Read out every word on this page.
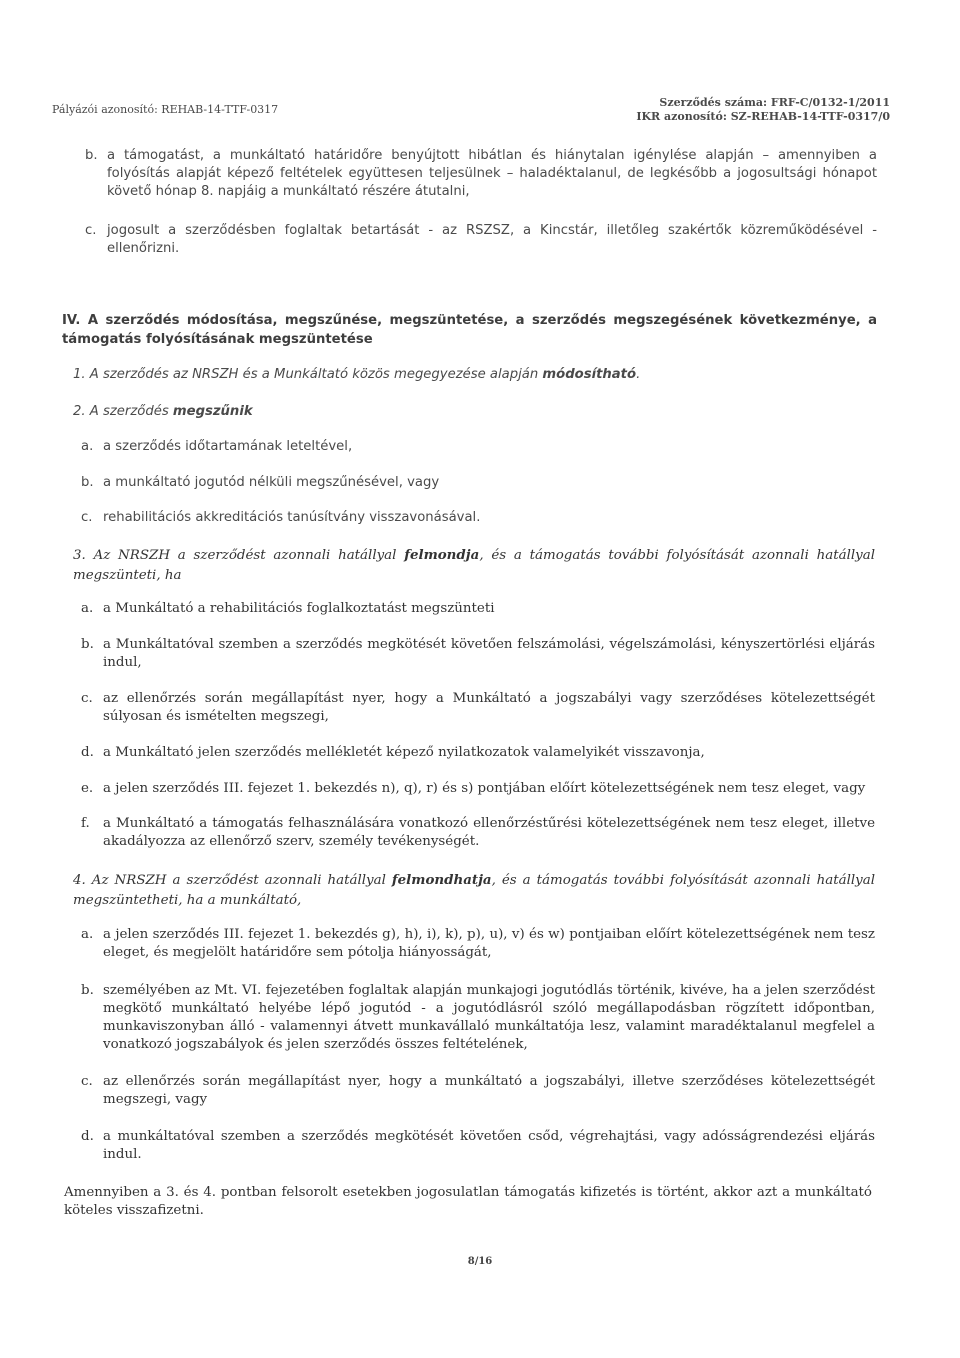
Pályázói azonosító: REHAB-14-TTF-0317
Szerződés száma: FRF-C/0132-1/2011
IKR azonosító: SZ-REHAB-14-TTF-0317/0
b. a támogatást, a munkáltató határidőre benyújtott hibátlan és hiánytalan igénylése alapján – amennyiben a folyósítás alapját képező feltételek együttesen teljesülnek – haladéktalanul, de legkésőbb a jogosultsági hónapot követő hónap 8. napjáig a munkáltató részére átutalni,
c. jogosult a szerződésben foglaltak betartását - az RSZSZ, a Kincstár, illetőleg szakértők közreműködésével - ellenőrizni.
IV. A szerződés módosítása, megszűnése, megszüntetése, a szerződés megszegésének következménye, a támogatás folyósításának megszüntetése
1. A szerződés az NRSZH és a Munkáltató közös megegyezése alapján módosítható.
2. A szerződés megszűnik
a. a szerződés időtartamának leteltével,
b. a munkáltató jogutód nélküli megszűnésével, vagy
c. rehabilitációs akkreditációs tanúsítvány visszavonásával.
3. Az NRSZH a szerződést azonnali hatállyal felmondja, és a támogatás további folyósítását azonnali hatállyal megszünteti, ha
a. a Munkáltató a rehabilitációs foglalkoztatást megszünteti
b. a Munkáltatóval szemben a szerződés megkötését követően felszámolási, végelszámolási, kényszertörlési eljárás indul,
c. az ellenőrzés során megállapítást nyer, hogy a Munkáltató a jogszabályi vagy szerződéses kötelezettségét súlyosan és ismételten megszegi,
d. a Munkáltató jelen szerződés mellékletét képező nyilatkozatok valamelyikét visszavonja,
e. a jelen szerződés III. fejezet 1. bekezdés n), q), r) és s) pontjában előírt kötelezettségének nem tesz eleget, vagy
f. a Munkáltató a támogatás felhasználására vonatkozó ellenőrzéstűrési kötelezettségének nem tesz eleget, illetve akadályozza az ellenőrző szerv, személy tevékenységét.
4. Az NRSZH a szerződést azonnali hatállyal felmondhatja, és a támogatás további folyósítását azonnali hatállyal megszüntetheti, ha a munkáltató,
a. a jelen szerződés III. fejezet 1. bekezdés g), h), i), k), p), u), v) és w) pontjaiban előírt kötelezettségének nem tesz eleget, és megjelölt határidőre sem pótolja hiányosságát,
b. személyében az Mt. VI. fejezetében foglaltak alapján munkajogi jogutódlás történik, kivéve, ha a jelen szerződést megkötő munkáltató helyébe lépő jogutód - a jogutódlásról szóló megállapodásban rögzített időpontban, munkaviszonyban álló - valamennyi átvett munkavállaló munkáltatója lesz, valamint maradéktalanul megfelel a vonatkozó jogszabályok és jelen szerződés összes feltételének,
c. az ellenőrzés során megállapítást nyer, hogy a munkáltató a jogszabályi, illetve szerződéses kötelezettségét megszegi, vagy
d. a munkáltatóval szemben a szerződés megkötését követően csőd, végrehajtási, vagy adósságrendezési eljárás indul.
Amennyiben a 3. és 4. pontban felsorolt esetekben jogosulatlan támogatás kifizetés is történt, akkor azt a munkáltató köteles visszafizetni.
8/16
